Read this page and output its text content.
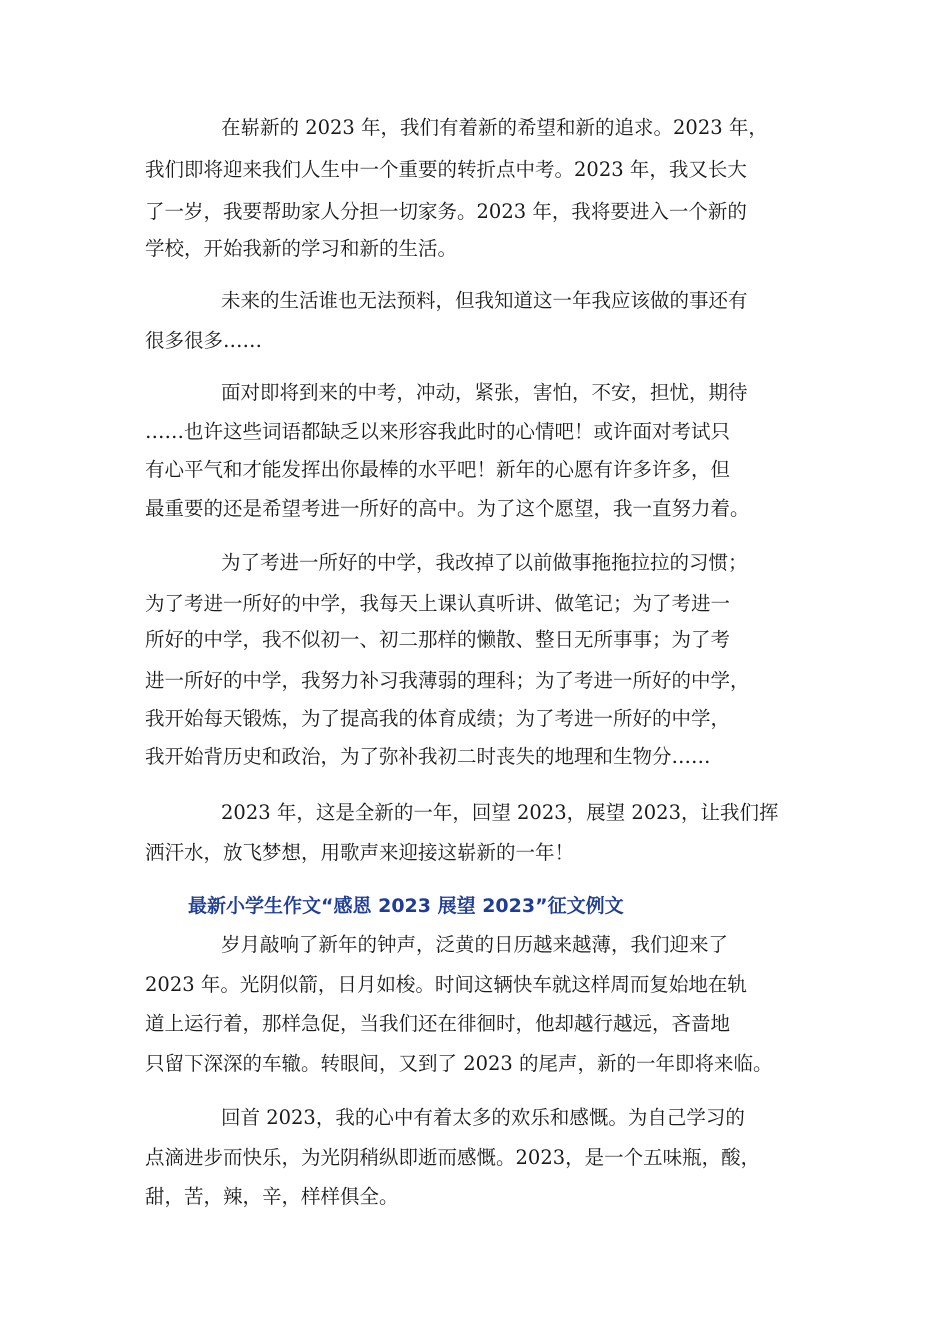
在崭新的 2023 年，我们有着新的希望和新的追求。2023 年，
我们即将迎来我们人生中一个重要的转折点中考。2023 年，我又长大
了一岁，我要帮助家人分担一切家务。2023 年，我将要进入一个新的
学校，开始我新的学习和新的生活。
未来的生活谁也无法预料，但我知道这一年我应该做的事还有
很多很多……
面对即将到来的中考，冲动，紧张，害怕，不安，担忧，期待
……也许这些词语都缺乏以来形容我此时的心情吧！或许面对考试只
有心平气和才能发挥出你最棒的水平吧！新年的心愿有许多许多，但
最重要的还是希望考进一所好的高中。为了这个愿望，我一直努力着。
为了考进一所好的中学，我改掉了以前做事拖拖拉拉的习惯；
为了考进一所好的中学，我每天上课认真听讲、做笔记；为了考进一
所好的中学，我不似初一、初二那样的懒散、整日无所事事；为了考
进一所好的中学，我努力补习我薄弱的理科；为了考进一所好的中学，
我开始每天锻炼，为了提高我的体育成绩；为了考进一所好的中学，
我开始背历史和政治，为了弥补我初二时丧失的地理和生物分……
2023 年，这是全新的一年，回望 2023，展望 2023，让我们挥
洒汗水，放飞梦想，用歌声来迎接这崭新的一年！
最新小学生作文“感恩 2023 展望 2023”征文例文
岁月敲响了新年的钟声，泛黄的日历越来越薄，我们迎来了
2023 年。光阴似箭，日月如梭。时间这辆快车就这样周而复始地在轨
道上运行着，那样急促，当我们还在徘徊时，他却越行越远，吝啬地
只留下深深的车辙。转眼间，又到了 2023 的尾声，新的一年即将来临。
回首 2023，我的心中有着太多的欢乐和感慨。为自己学习的
点滴进步而快乐，为光阴稍纵即逝而感慨。2023，是一个五味瓶，酸，
甜，苦，辣，辛，样样俱全。
